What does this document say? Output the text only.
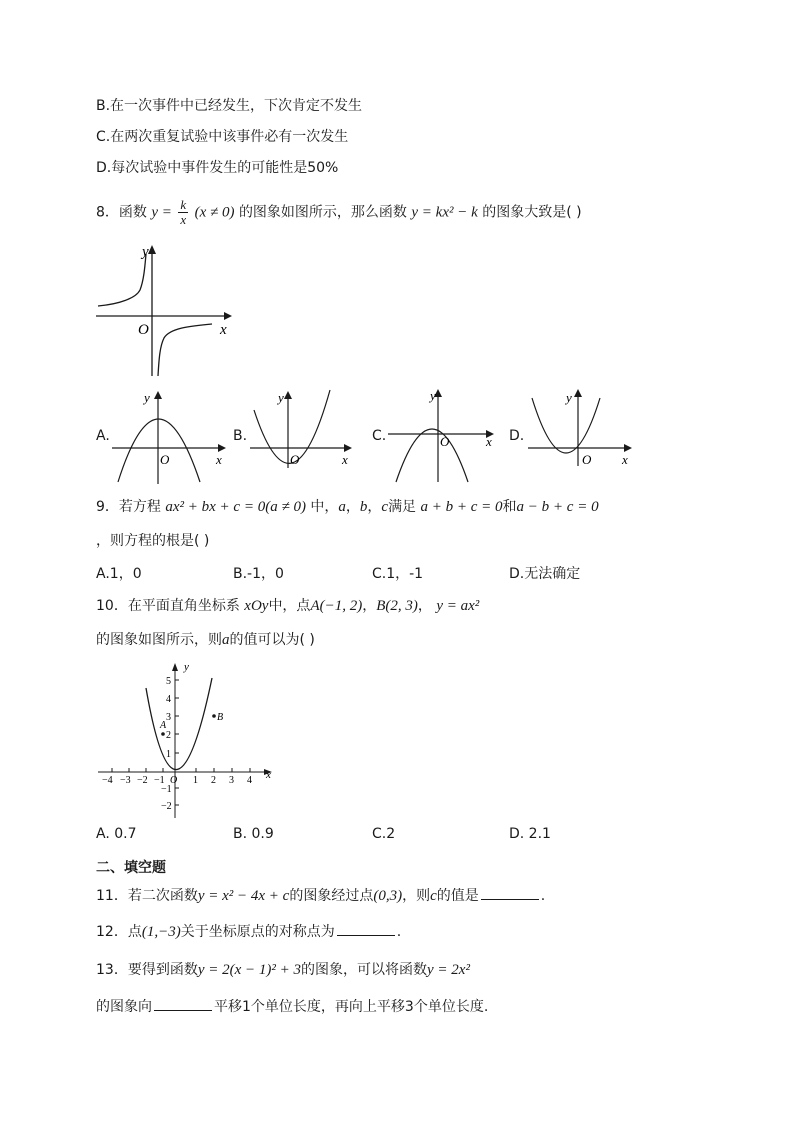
B.在一次事件中已经发生，下次肯定不发生
C.在两次重复试验中该事件必有一次发生
D.每次试验中事件发生的可能性是50%
8．函数 $y = \frac{k}{x} (x \ne 0)$ 的图象如图所示，那么函数 y = kx² − k 的图象大致是( )
y
x
O
A.
y
x
O
B.
y
x
O
C.
y
x
O	D.
y
x
O
9．若方程 ax² + bx + c = 0(a ≠ 0) 中，a，b，c满足 a + b + c = 0和a − b + c = 0
，则方程的根是( )
A.1，0	B.-1，0	C.1，-1	D.无法确定
10．在平面直角坐标系 xOy中，点A(−1, 2)，B(2, 3)， y = ax²
的图象如图所示，则a的值可以为( )
−4 −3 −2 −1 O 1 2 3 4
5
4
3
2
1
−1
−2
x
y
A
B
A. 0.7	B. 0.9	C.2	D. 2.1
二、填空题
11．若二次函数y = x² − 4x + c的图象经过点(0,3)，则c的值是	.
12．点(1,−3)关于坐标原点的对称点为	.
13．要得到函数y = 2(x − 1)² + 3的图象，可以将函数y = 2x²
的图象向	平移1个单位长度，再向上平移3个单位长度.
